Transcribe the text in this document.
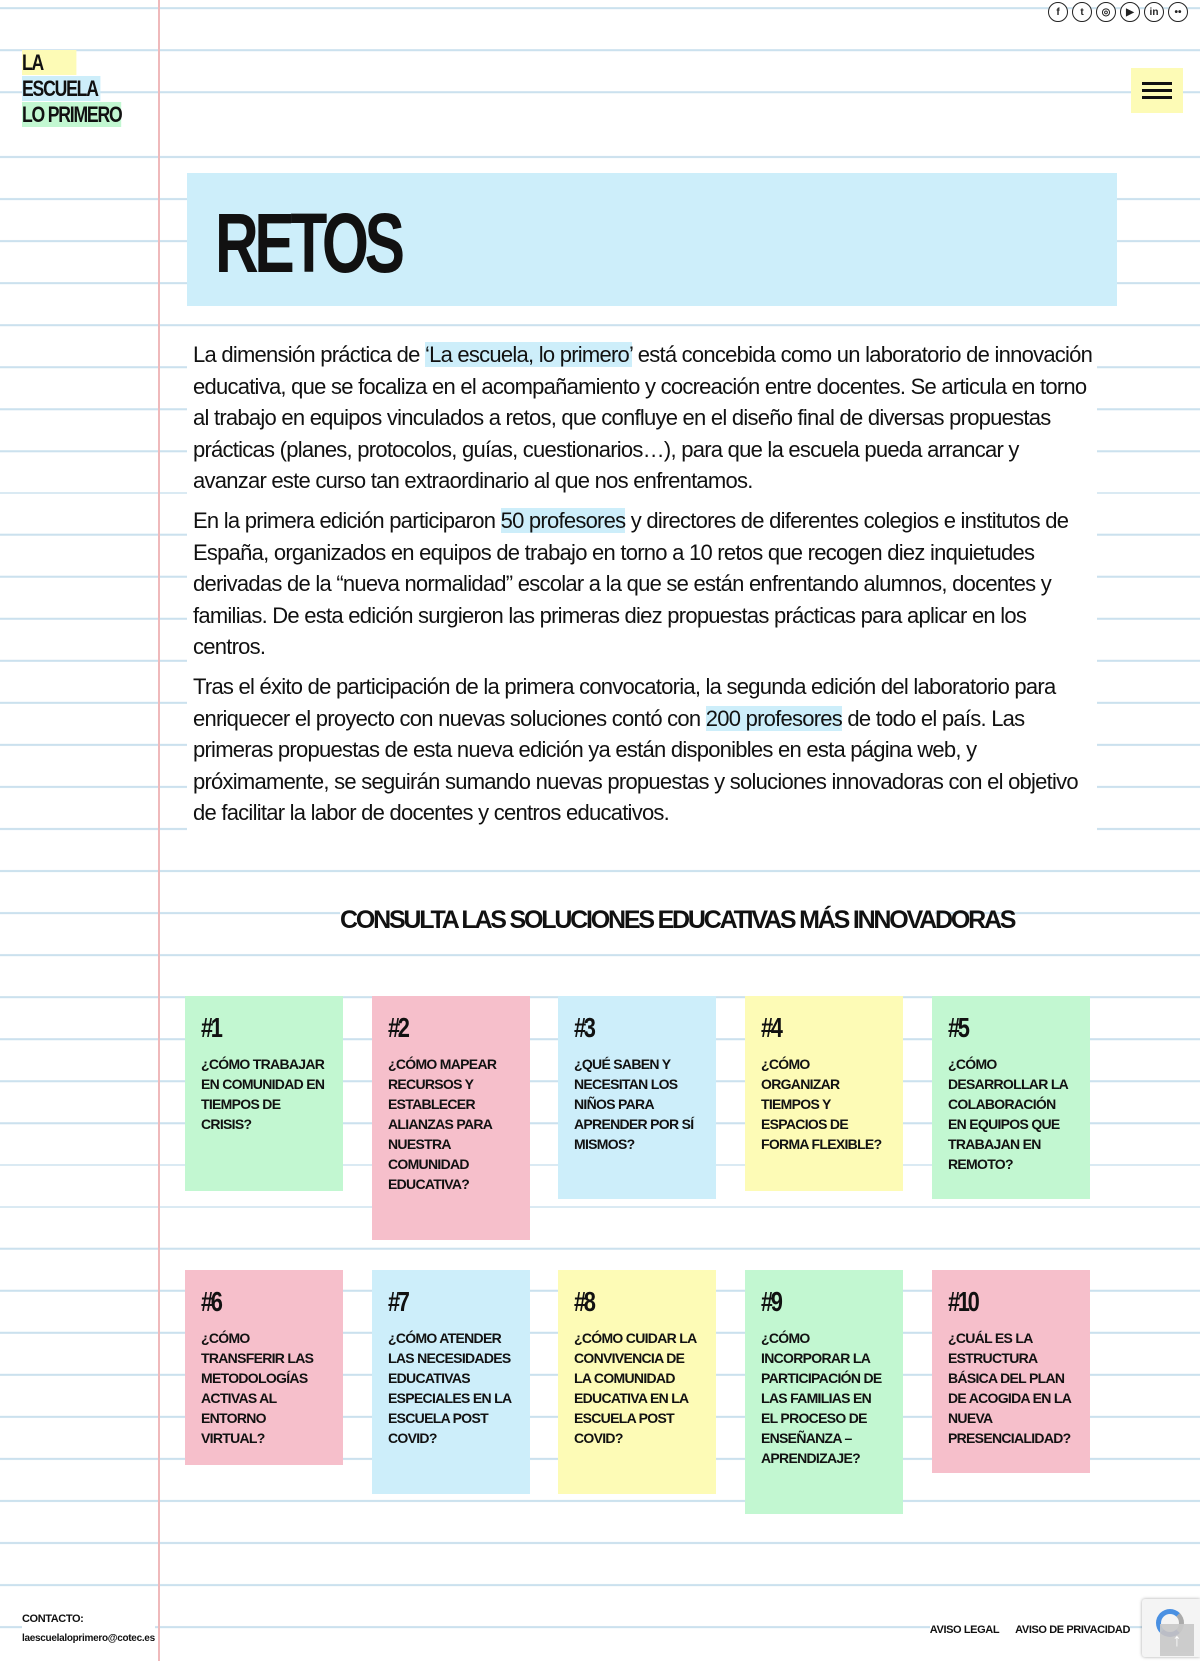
LA
ESCUELA
LO PRIMERO
f	t	◎	▶	in	••
RETOS

La dimensión práctica de ‘La escuela, lo primero’ está concebida como un laboratorio de innovación educativa, que se focaliza en el acompañamiento y cocreación entre docentes. Se articula en torno al trabajo en equipos vinculados a retos, que confluye en el diseño final de diversas propuestas prácticas (planes, protocolos, guías, cuestionarios…), para que la escuela pueda arrancar y avanzar este curso tan extraordinario al que nos enfrentamos.

En la primera edición participaron 50 profesores y directores de diferentes colegios e institutos de España, organizados en equipos de trabajo en torno a 10 retos que recogen diez inquietudes derivadas de la “nueva normalidad” escolar a la que se están enfrentando alumnos, docentes y familias. De esta edición surgieron las primeras diez propuestas prácticas para aplicar en los centros.

Tras el éxito de participación de la primera convocatoria, la segunda edición del laboratorio para enriquecer el proyecto con nuevas soluciones contó con 200 profesores de todo el país. Las primeras propuestas de esta nueva edición ya están disponibles en esta página web, y próximamente, se seguirán sumando nuevas propuestas y soluciones innovadoras con el objetivo de facilitar la labor de docentes y centros educativos.

CONSULTA LAS SOLUCIONES EDUCATIVAS MÁS INNOVADORAS
#1
¿CÓMO TRABAJAR EN COMUNIDAD EN TIEMPOS DE CRISIS?
#2
¿CÓMO MAPEAR RECURSOS Y ESTABLECER ALIANZAS PARA NUESTRA COMUNIDAD EDUCATIVA?
#3
¿QUÉ SABEN Y NECESITAN LOS NIÑOS PARA APRENDER POR SÍ MISMOS?
#4
¿CÓMO ORGANIZAR TIEMPOS Y ESPACIOS DE FORMA FLEXIBLE?
#5
¿CÓMO DESARROLLAR LA COLABORACIÓN EN EQUIPOS QUE TRABAJAN EN REMOTO?
#6
¿CÓMO TRANSFERIR LAS METODOLOGÍAS ACTIVAS AL ENTORNO VIRTUAL?
#7
¿CÓMO ATENDER LAS NECESIDADES EDUCATIVAS ESPECIALES EN LA ESCUELA POST COVID?
#8
¿CÓMO CUIDAR LA CONVIVENCIA DE LA COMUNIDAD EDUCATIVA EN LA ESCUELA POST COVID?
#9
¿CÓMO INCORPORAR LA PARTICIPACIÓN DE LAS FAMILIAS EN EL PROCESO DE ENSEÑANZA – APRENDIZAJE?
#10
¿CUÁL ES LA ESTRUCTURA BÁSICA DEL PLAN DE ACOGIDA EN LA NUEVA PRESENCIALIDAD?
CONTACTO:
laescuelaloprimero@cotec.es
AVISO LEGAL AVISO DE PRIVACIDAD ↑
